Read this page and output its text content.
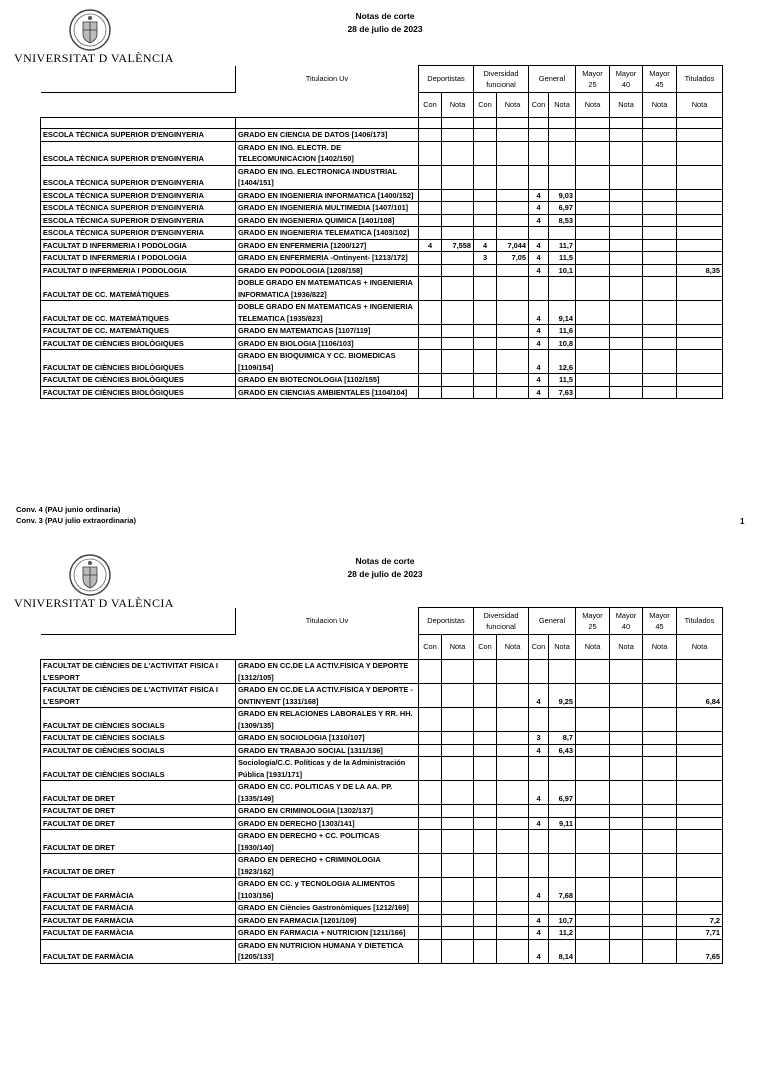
VNIVERSITAT D VALÈNCIA
Notas de corte
28 de julio de 2023
	Titulacion Uv	Deportistas		Diversidad funcional		General		Mayor 25	Mayor 40	Mayor 45	Titulados
		Con	Nota	Con	Nota	Con	Nota	Nota	Nota	Nota	Nota

ESCOLA TÈCNICA SUPERIOR D'ENGINYERIA	GRADO EN CIENCIA DE DATOS [1406/173]										
ESCOLA TÈCNICA SUPERIOR D'ENGINYERIA	GRADO EN ING. ELECTR. DE TELECOMUNICACION [1402/150]										
ESCOLA TÈCNICA SUPERIOR D'ENGINYERIA	GRADO EN ING. ELECTRONICA INDUSTRIAL [1404/151]										
ESCOLA TÈCNICA SUPERIOR D'ENGINYERIA	GRADO EN INGENIERIA INFORMATICA [1400/152]					4	9,03				
ESCOLA TÈCNICA SUPERIOR D'ENGINYERIA	GRADO EN INGENIERIA MULTIMEDIA [1407/101]					4	6,97				
ESCOLA TÈCNICA SUPERIOR D'ENGINYERIA	GRADO EN INGENIERIA QUIMICA [1401/108]					4	8,53				
ESCOLA TÈCNICA SUPERIOR D'ENGINYERIA	GRADO EN INGENIERIA TELEMATICA [1403/102]										
FACULTAT D INFERMERIA I PODOLOGIA	GRADO EN ENFERMERIA [1200/127]	4	7,558	4	7,044	4	11,7				
FACULTAT D INFERMERIA I PODOLOGIA	GRADO EN ENFERMERIA -Ontinyent- [1213/172]			3	7,05	4	11,5				
FACULTAT D INFERMERIA I PODOLOGIA	GRADO EN PODOLOGIA [1208/158]					4	10,1				8,35
FACULTAT DE CC. MATEMÀTIQUES	DOBLE GRADO EN MATEMATICAS + INGENIERIA INFORMATICA [1936/822]										
FACULTAT DE CC. MATEMÀTIQUES	DOBLE GRADO EN MATEMATICAS + INGENIERIA TELEMATICA [1935/823]					4	9,14				
FACULTAT DE CC. MATEMÀTIQUES	GRADO EN MATEMATICAS [1107/119]					4	11,6				
FACULTAT DE CIÈNCIES BIOLÒGIQUES	GRADO EN BIOLOGIA [1106/103]					4	10,8				
FACULTAT DE CIÈNCIES BIOLÒGIQUES	GRADO EN BIOQUIMICA Y CC. BIOMEDICAS [1109/154]					4	12,6				
FACULTAT DE CIÈNCIES BIOLÒGIQUES	GRADO EN BIOTECNOLOGIA [1102/155]					4	11,5				
FACULTAT DE CIÈNCIES BIOLÒGIQUES	GRADO EN CIENCIAS AMBIENTALES [1104/104]					4	7,63				
Conv. 4 (PAU junio ordinaria)
Conv. 3 (PAU julio extraordinaria)	1
VNIVERSITAT D VALÈNCIA
Notas de corte
28 de julio de 2023
	Titulacion Uv	Deportistas		Diversidad funcional		General		Mayor 25	Mayor 40	Mayor 45	Titulados
		Con	Nota	Con	Nota	Con	Nota	Nota	Nota	Nota	Nota
FACULTAT DE CIÈNCIES DE L'ACTIVITAT FISICA I L'ESPORT	GRADO EN CC.DE LA ACTIV.FISICA Y DEPORTE [1312/105]										
FACULTAT DE CIÈNCIES DE L'ACTIVITAT FISICA I L'ESPORT	GRADO EN CC.DE LA ACTIV.FISICA Y DEPORTE -ONTINYENT [1331/168]					4	9,25				6,84
FACULTAT DE CIÈNCIES SOCIALS	GRADO EN RELACIONES LABORALES Y RR. HH. [1309/135]										
FACULTAT DE CIÈNCIES SOCIALS	GRADO EN SOCIOLOGIA [1310/107]					3	8,7				
FACULTAT DE CIÈNCIES SOCIALS	GRADO EN TRABAJO SOCIAL [1311/136]					4	6,43				
FACULTAT DE CIÈNCIES SOCIALS	Sociología/C.C. Políticas y de la Administración Pública [1931/171]										
FACULTAT DE DRET	GRADO EN CC. POLITICAS Y DE LA AA. PP. [1335/149]					4	6,97				
FACULTAT DE DRET	GRADO EN CRIMINOLOGIA [1302/137]										
FACULTAT DE DRET	GRADO EN DERECHO [1303/141]					4	9,11				
FACULTAT DE DRET	GRADO EN DERECHO + CC. POLITICAS [1930/140]										
FACULTAT DE DRET	GRADO EN DERECHO + CRIMINOLOGIA [1923/162]										
FACULTAT DE FARMÀCIA	GRADO EN CC. y TECNOLOGIA ALIMENTOS [1103/156]					4	7,68				
FACULTAT DE FARMÀCIA	GRADO EN Ciències Gastronòmiques [1212/169]										
FACULTAT DE FARMÀCIA	GRADO EN FARMACIA [1201/109]					4	10,7				7,2
FACULTAT DE FARMÀCIA	GRADO EN FARMACIA + NUTRICION [1211/166]					4	11,2				7,71
FACULTAT DE FARMÀCIA	GRADO EN NUTRICION HUMANA Y DIETETICA [1205/133]					4	8,14				7,65
